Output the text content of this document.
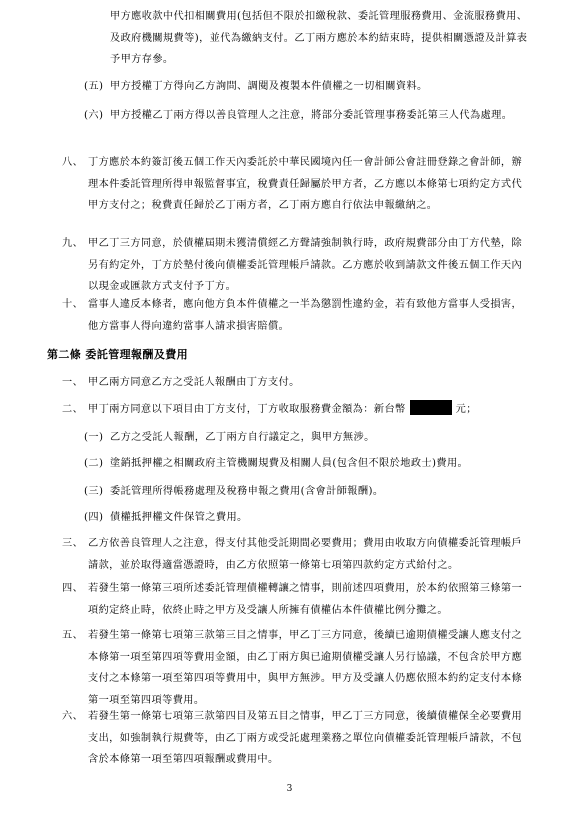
甲方應收款中代扣相關費用(包括但不限於扣繳稅款、委託管理服務費用、金流服務費用、及政府機關規費等)，並代為繳納支付。乙丁兩方應於本約結束時，提供相關憑證及計算表予甲方存參。
(五) 甲方授權丁方得向乙方詢問、調閱及複製本件債權之一切相關資料。
(六) 甲方授權乙丁兩方得以善良管理人之注意，將部分委託管理事務委託第三人代為處理。
八、 丁方應於本約簽訂後五個工作天內委託於中華民國境內任一會計師公會註冊登錄之會計師，辦理本件委託管理所得申報監督事宜，稅費責任歸屬於甲方者，乙方應以本條第七項約定方式代甲方支付之；稅費責任歸於乙丁兩方者，乙丁兩方應自行依法申報繳納之。
九、 甲乙丁三方同意，於債權屆期未獲清償經乙方聲請強制執行時，政府規費部分由丁方代墊，除另有約定外，丁方於墊付後向債權委託管理帳戶請款。乙方應於收到請款文件後五個工作天內以現金或匯款方式支付予丁方。
十、 當事人違反本條者，應向他方負本件債權之一半為懲罰性違約金，若有致他方當事人受損害，他方當事人得向違約當事人請求損害賠償。
第二條 委託管理報酬及費用
一、 甲乙兩方同意乙方之受託人報酬由丁方支付。
二、 甲丁兩方同意以下項目由丁方支付，丁方收取服務費金額為：新台幣	元；
(一) 乙方之受託人報酬，乙丁兩方自行議定之，與甲方無涉。
(二) 塗銷抵押權之相關政府主管機關規費及相關人員(包含但不限於地政士)費用。
(三) 委託管理所得帳務處理及稅務申報之費用(含會計師報酬)。
(四) 債權抵押權文件保管之費用。
三、 乙方依善良管理人之注意，得支付其他受託期間必要費用；費用由收取方向債權委託管理帳戶請款，並於取得適當憑證時，由乙方依照第一條第七項第四款約定方式給付之。
四、 若發生第一條第三項所述委託管理債權轉讓之情事，則前述四項費用，於本約依照第三條第一項約定終止時，依終止時之甲方及受讓人所擁有債權佔本件債權比例分攤之。
五、 若發生第一條第七項第三款第三目之情事，甲乙丁三方同意，後續已逾期債權受讓人應支付之本條第一項至第四項等費用金額，由乙丁兩方與已逾期債權受讓人另行協議，不包含於甲方應支付之本條第一項至第四項等費用中，與甲方無涉。甲方及受讓人仍應依照本約約定支付本條第一項至第四項等費用。
六、 若發生第一條第七項第三款第四目及第五目之情事，甲乙丁三方同意，後續債權保全必要費用支出，如強制執行規費等，由乙丁兩方或受託處理業務之單位向債權委託管理帳戶請款，不包含於本條第一項至第四項報酬或費用中。
3
